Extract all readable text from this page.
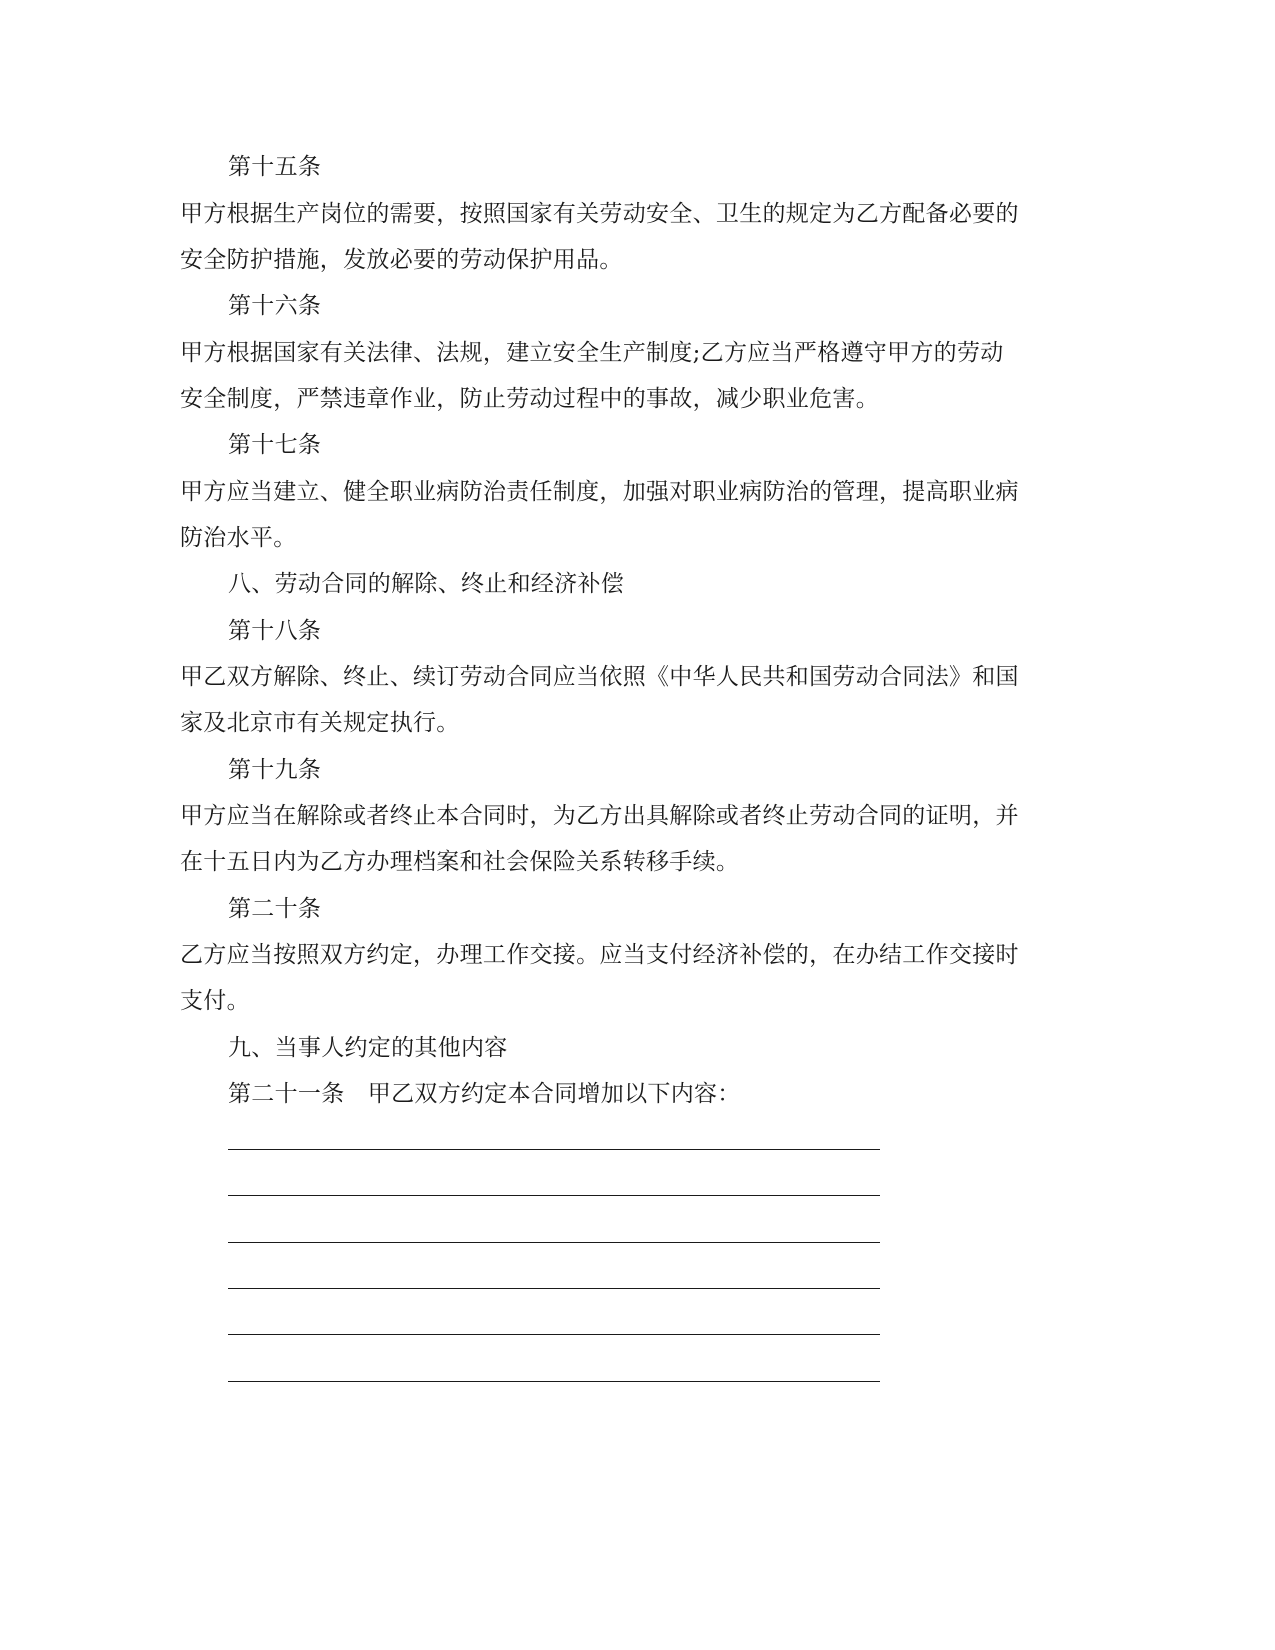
第十五条
甲方根据生产岗位的需要，按照国家有关劳动安全、卫生的规定为乙方配备必要的
安全防护措施，发放必要的劳动保护用品。
第十六条
甲方根据国家有关法律、法规，建立安全生产制度;乙方应当严格遵守甲方的劳动
安全制度，严禁违章作业，防止劳动过程中的事故，减少职业危害。
第十七条
甲方应当建立、健全职业病防治责任制度，加强对职业病防治的管理，提高职业病
防治水平。
八、劳动合同的解除、终止和经济补偿
第十八条
甲乙双方解除、终止、续订劳动合同应当依照《中华人民共和国劳动合同法》和国
家及北京市有关规定执行。
第十九条
甲方应当在解除或者终止本合同时，为乙方出具解除或者终止劳动合同的证明，并
在十五日内为乙方办理档案和社会保险关系转移手续。
第二十条
乙方应当按照双方约定，办理工作交接。应当支付经济补偿的，在办结工作交接时
支付。
九、当事人约定的其他内容
第二十一条　甲乙双方约定本合同增加以下内容：
